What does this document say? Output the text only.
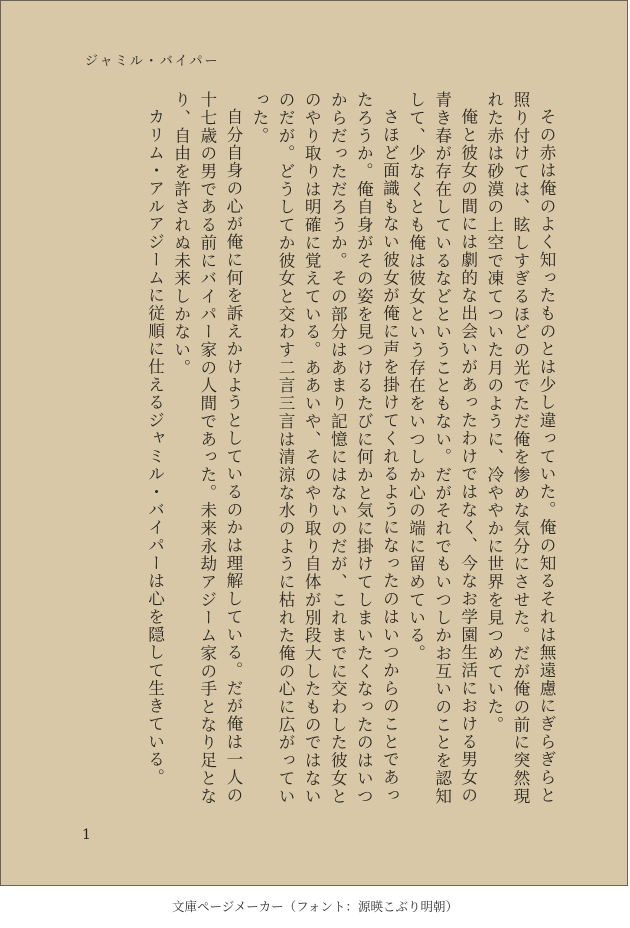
ジャミル・バイパー

その赤は俺のよく知ったものとは少し違っていた。俺の知るそれは無遠慮にぎらぎらと照り付けては、眩しすぎるほどの光でただ俺を惨めな気分にさせた。だが俺の前に突然現れた赤は砂漠の上空で凍てついた月のように、冷ややかに世界を見つめていた。

俺と彼女の間には劇的な出会いがあったわけではなく、今なお学園生活における男女の青き春が存在しているなどということもない。だがそれでもいつしかお互いのことを認知して、少なくとも俺は彼女という存在をいつしか心の端に留めている。

さほど面識もない彼女が俺に声を掛けてくれるようになったのはいつからのことであったろうか。俺自身がその姿を見つけるたびに何かと気に掛けてしまいたくなったのはいつからだっただろうか。その部分はあまり記憶にはないのだが、これまでに交わした彼女とのやり取りは明確に覚えている。ああいや、そのやり取り自体が別段大したものではないのだが。どうしてか彼女と交わす二言三言は清涼な水のように枯れた俺の心に広がっていった。

自分自身の心が俺に何を訴えかけようとしているのかは理解している。だが俺は一人の十七歳の男である前にバイパー家の人間であった。未来永劫アジーム家の手となり足となり、自由を許されぬ未来しかない。

カリム・アルアジームに従順に仕えるジャミル・バイパーは心を隠して生きている。

1
文庫ページメーカー（フォント：源暎こぶり明朝）
